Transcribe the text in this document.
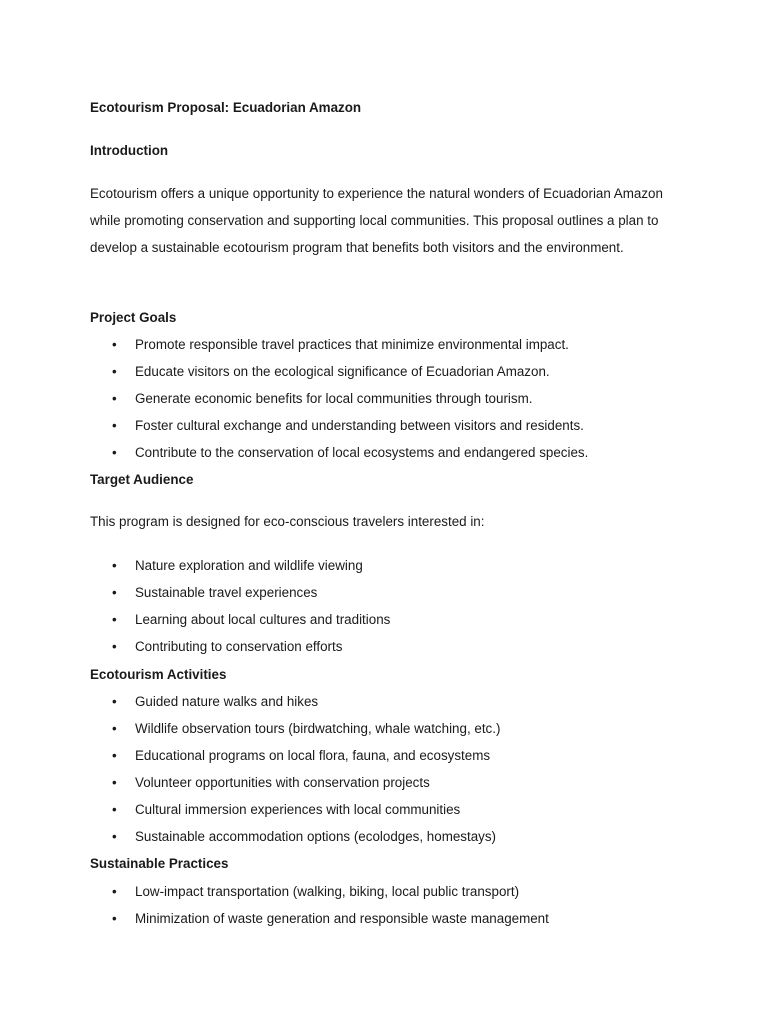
Ecotourism Proposal: Ecuadorian Amazon
Introduction

Ecotourism offers a unique opportunity to experience the natural wonders of Ecuadorian Amazon while promoting conservation and supporting local communities. This proposal outlines a plan to develop a sustainable ecotourism program that benefits both visitors and the environment.

Project Goals
• Promote responsible travel practices that minimize environmental impact.
• Educate visitors on the ecological significance of Ecuadorian Amazon.
• Generate economic benefits for local communities through tourism.
• Foster cultural exchange and understanding between visitors and residents.
• Contribute to the conservation of local ecosystems and endangered species.
Target Audience

This program is designed for eco-conscious travelers interested in:

• Nature exploration and wildlife viewing
• Sustainable travel experiences
• Learning about local cultures and traditions
• Contributing to conservation efforts
Ecotourism Activities
• Guided nature walks and hikes
• Wildlife observation tours (birdwatching, whale watching, etc.)
• Educational programs on local flora, fauna, and ecosystems
• Volunteer opportunities with conservation projects
• Cultural immersion experiences with local communities
• Sustainable accommodation options (ecolodges, homestays)
Sustainable Practices
• Low-impact transportation (walking, biking, local public transport)
• Minimization of waste generation and responsible waste management
